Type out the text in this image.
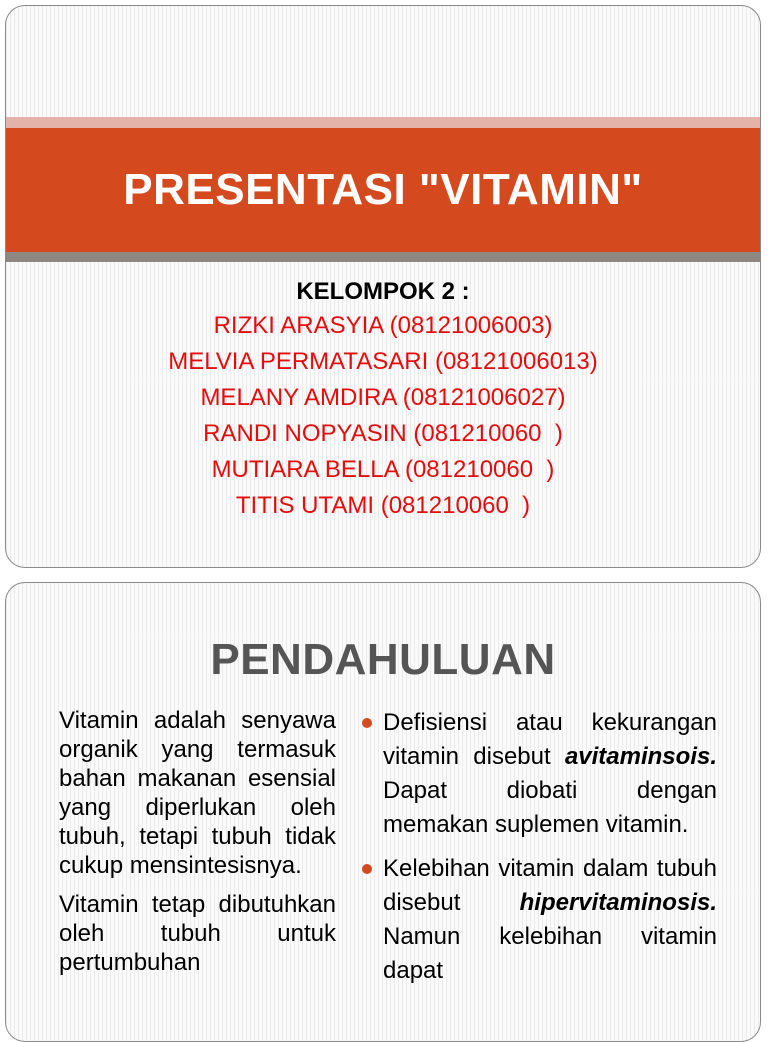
PRESENTASI "VITAMIN"
KELOMPOK 2 :
RIZKI ARASYIA (08121006003)
MELVIA PERMATASARI (08121006013)
MELANY AMDIRA (08121006027)
RANDI NOPYASIN (081210060  )
MUTIARA BELLA (081210060  )
TITIS UTAMI (081210060  )
PENDAHULUAN

Vitamin adalah senyawa organik yang termasuk bahan makanan esensial yang diperlukan oleh tubuh, tetapi tubuh tidak cukup mensintesisnya.

Vitamin tetap dibutuhkan oleh tubuh untuk pertumbuhan

Defisiensi atau kekurangan vitamin disebut avitaminsois. Dapat diobati dengan memakan suplemen vitamin.
Kelebihan vitamin dalam tubuh disebut hipervitaminosis. Namun kelebihan vitamin dapat
